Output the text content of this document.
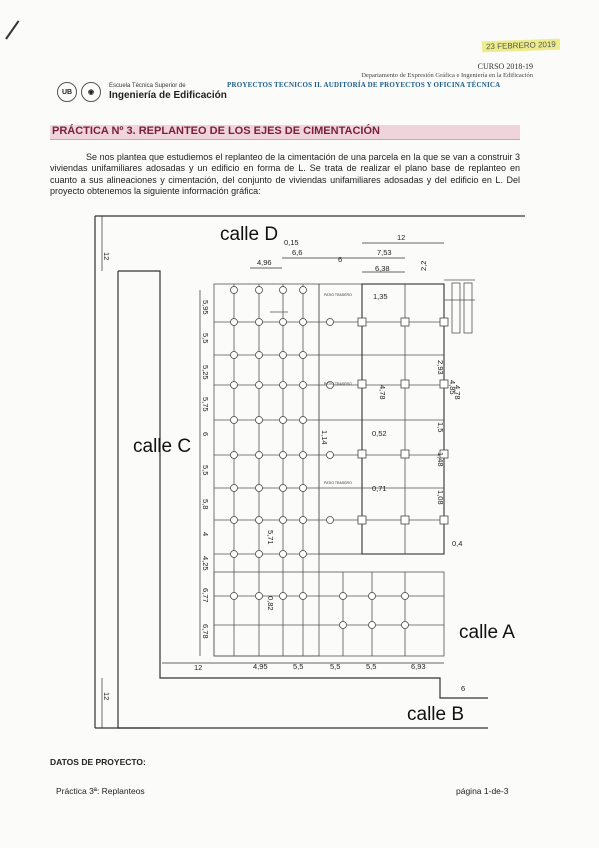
23 FEBRERO 2019
UB	◉
Escuela Técnica Superior de
Ingeniería de Edificación
CURSO 2018-19
Departamento de Expresión Gráfica e Ingeniería en la Edificación
PROYECTOS TECNICOS II. AUDITORÍA DE PROYECTOS Y OFICINA TÉCNICA
PRÁCTICA Nº 3. REPLANTEO DE LOS EJES DE CIMENTACIÓN
Se nos plantea que estudiemos el replanteo de la cimentación de una parcela en la que se van a construir 3 viviendas unifamiliares adosadas y un edificio en forma de L. Se trata de realizar el plano base de replanteo en cuanto a sus alineaciones y cimentación, del conjunto de viviendas unifamiliares adosadas y del edificio en L. Del proyecto obtenemos la siguiente información gráfica:
calle D
calle C
calle A
calle B
0,15
4,96
6,6
6
7,53
6,38
12
2,2
1,35
12
5,95
5,5
5,25
5,75
6
5,5
5,8
4
4,25
6,77
6,78
12
12	4,95	5,5	5,5	5,5	6,93
6
2,93
4,85
4,78	4,78
1,5
0,52
1,48
1,14
0,71
1,08
0,4
5,71
0,82
PATIO TRASERO
PATIO TRASERO
PATIO TRASERO
DATOS DE PROYECTO:
Práctica 3ª: Replanteos	página 1-de-3
